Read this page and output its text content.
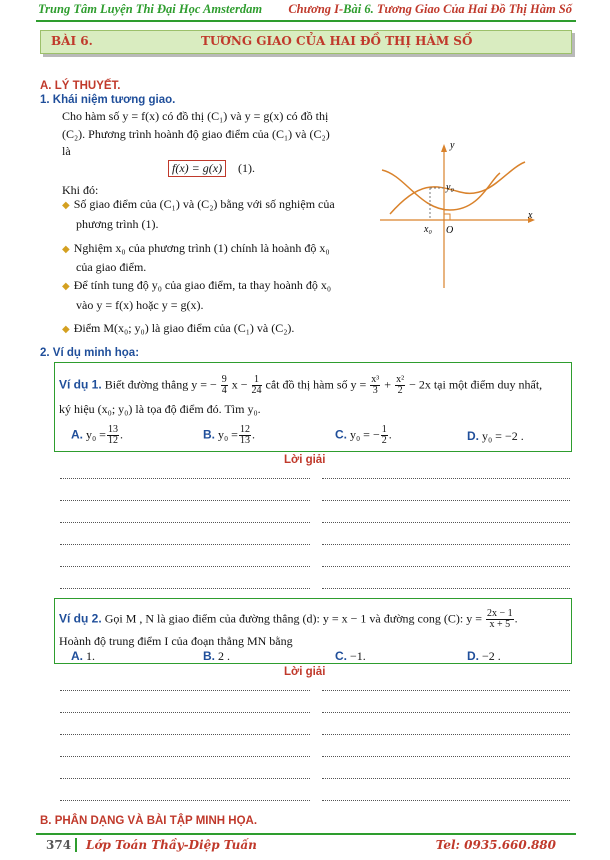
Trung Tâm Luyện Thi Đại Học Amsterdam Chương I-Bài 6. Tương Giao Của Hai Đồ Thị Hàm Số
BÀI 6.	TƯƠNG GIAO CỦA HAI ĐỒ THỊ HÀM SỐ
A. LÝ THUYẾT.
1. Khái niệm tương giao.
Cho hàm số y = f(x) có đồ thị (C₁) và y = g(x) có đồ thị
(C₂). Phương trình hoành độ giao điểm của (C₁) và (C₂)
là
f(x) = g(x)	(1).
Khi đó:
◆ Số giao điểm của (C₁) và (C₂) bằng với số nghiệm của
phương trình (1).
◆ Nghiệm x₀ của phương trình (1) chính là hoành độ x₀
của giao điểm.
◆ Để tính tung độ y₀ của giao điểm, ta thay hoành độ x₀
vào y = f(x) hoặc y = g(x).
◆ Điểm M(x₀; y₀) là giao điểm của (C₁) và (C₂).
y
x
y₀
x₀ O
2. Ví dụ minh họa:
Ví dụ 1. Biết đường thẳng y = − $\frac{9}{4}$ $x - \frac{1}{24}$ cắt đồ thị hàm số $y = \frac{\text{x³}}{3} + \frac{\text{x²}}{2} - 2x$ tại một điểm duy nhất,
ký hiệu (x₀; y₀) là tọa độ điểm đó. Tìm y₀.
A. $y_0 = \frac{13}{12}$ .	B. $y_0 = \frac{12}{13}$ .	C. y₀ = − $\frac{1}{2}$ .	D. y₀ = −2 .
Lời giải
Ví dụ 2. Gọi M , N là giao điểm của đường thẳng (d): y = x − 1 và đường cong (C): $y = \frac{2x - 1}{x + 5}$ .
Hoành độ trung điểm I của đoạn thẳng MN bằng
A. 1.	B. 2 .	C. −1.	D. −2 .
Lời giải
B. PHÂN DẠNG VÀ BÀI TẬP MINH HỌA.
374	Lớp Toán Thầy-Diệp Tuấn	Tel: 0935.660.880
